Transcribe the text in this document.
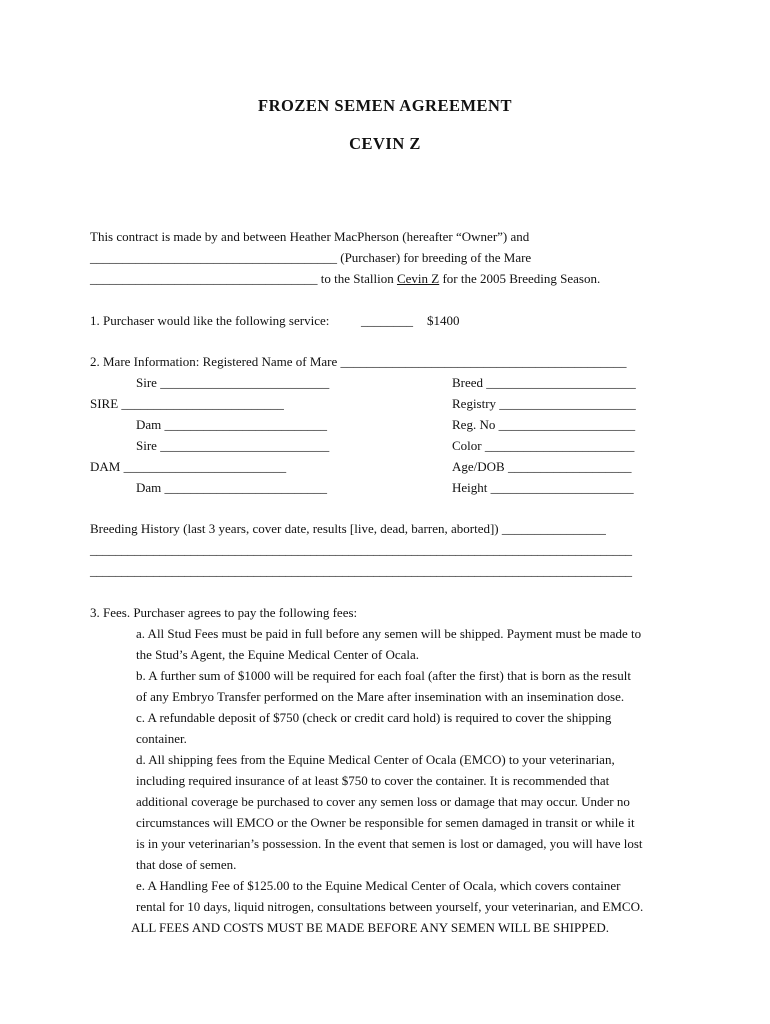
FROZEN SEMEN AGREEMENT
CEVIN Z
This contract is made by and between Heather MacPherson (hereafter “Owner”) and
______________________________________ (Purchaser) for breeding of the Mare
___________________________________ to the Stallion Cevin Z for the 2005 Breeding Season.
1. Purchaser would like the following service: ________ $1400
2. Mare Information: Registered Name of Mare ____________________________________________
Sire __________________________
SIRE _________________________
Dam _________________________
Sire __________________________
DAM _________________________
Dam _________________________
Breed _______________________
Registry _____________________
Reg. No _____________________
Color _______________________
Age/DOB ___________________
Height ______________________
Breeding History (last 3 years, cover date, results [live, dead, barren, aborted]) ________________
______________________________________________________________________________________
______________________________________________________________________________________
3. Fees. Purchaser agrees to pay the following fees:
a. All Stud Fees must be paid in full before any semen will be shipped. Payment must be made to
the Stud’s Agent, the Equine Medical Center of Ocala.
b. A further sum of $1000 will be required for each foal (after the first) that is born as the result
of any Embryo Transfer performed on the Mare after insemination with an insemination dose.
c. A refundable deposit of $750 (check or credit card hold) is required to cover the shipping
container.
d. All shipping fees from the Equine Medical Center of Ocala (EMCO) to your veterinarian,
including required insurance of at least $750 to cover the container. It is recommended that
additional coverage be purchased to cover any semen loss or damage that may occur. Under no
circumstances will EMCO or the Owner be responsible for semen damaged in transit or while it
is in your veterinarian’s possession. In the event that semen is lost or damaged, you will have lost
that dose of semen.
e. A Handling Fee of $125.00 to the Equine Medical Center of Ocala, which covers container
rental for 10 days, liquid nitrogen, consultations between yourself, your veterinarian, and EMCO.
ALL FEES AND COSTS MUST BE MADE BEFORE ANY SEMEN WILL BE SHIPPED.
